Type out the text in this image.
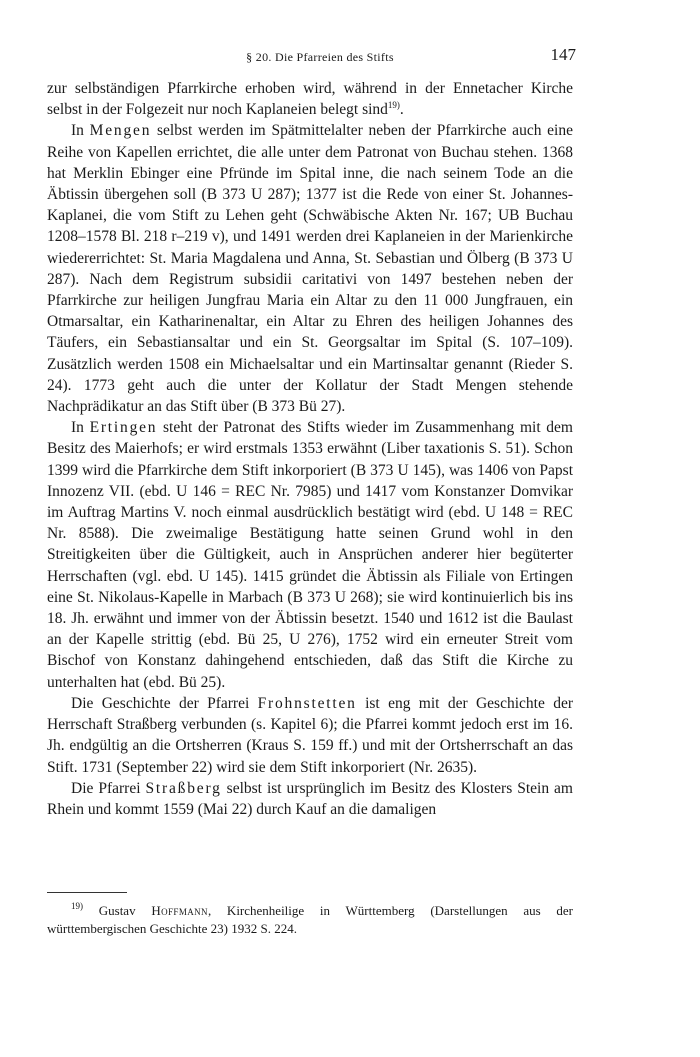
§ 20. Die Pfarreien des Stifts	147

zur selbständigen Pfarrkirche erhoben wird, während in der Ennetacher Kirche selbst in der Folgezeit nur noch Kaplaneien belegt sind$^{19)}$.

In Mengen selbst werden im Spätmittelalter neben der Pfarrkirche auch eine Reihe von Kapellen errichtet, die alle unter dem Patronat von Buchau stehen. 1368 hat Merklin Ebinger eine Pfründe im Spital inne, die nach seinem Tode an die Äbtissin übergehen soll (B 373 U 287); 1377 ist die Rede von einer St. Johannes-Kaplanei, die vom Stift zu Lehen geht (Schwäbische Akten Nr. 167; UB Buchau 1208–1578 Bl. 218 r–219 v), und 1491 werden drei Kaplaneien in der Marienkirche wiedererrichtet: St. Maria Magdalena und Anna, St. Sebastian und Ölberg (B 373 U 287). Nach dem Registrum subsidii caritativi von 1497 bestehen neben der Pfarrkirche zur heiligen Jungfrau Maria ein Altar zu den 11 000 Jungfrauen, ein Otmarsaltar, ein Katharinenaltar, ein Altar zu Ehren des heiligen Johannes des Täufers, ein Sebastiansaltar und ein St. Georgsaltar im Spital (S. 107–109). Zusätzlich werden 1508 ein Michaelsaltar und ein Martinsaltar genannt (Rieder S. 24). 1773 geht auch die unter der Kollatur der Stadt Mengen stehende Nachprädikatur an das Stift über (B 373 Bü 27).

In Ertingen steht der Patronat des Stifts wieder im Zusammenhang mit dem Besitz des Maierhofs; er wird erstmals 1353 erwähnt (Liber taxationis S. 51). Schon 1399 wird die Pfarrkirche dem Stift inkorporiert (B 373 U 145), was 1406 von Papst Innozenz VII. (ebd. U 146 = REC Nr. 7985) und 1417 vom Konstanzer Domvikar im Auftrag Martins V. noch einmal ausdrücklich bestätigt wird (ebd. U 148 = REC Nr. 8588). Die zweimalige Bestätigung hatte seinen Grund wohl in den Streitigkeiten über die Gültigkeit, auch in Ansprüchen anderer hier begüterter Herrschaften (vgl. ebd. U 145). 1415 gründet die Äbtissin als Filiale von Ertingen eine St. Nikolaus-Kapelle in Marbach (B 373 U 268); sie wird kontinuierlich bis ins 18. Jh. erwähnt und immer von der Äbtissin besetzt. 1540 und 1612 ist die Baulast an der Kapelle strittig (ebd. Bü 25, U 276), 1752 wird ein erneuter Streit vom Bischof von Konstanz dahingehend entschieden, daß das Stift die Kirche zu unterhalten hat (ebd. Bü 25).

Die Geschichte der Pfarrei Frohnstetten ist eng mit der Geschichte der Herrschaft Straßberg verbunden (s. Kapitel 6); die Pfarrei kommt jedoch erst im 16. Jh. endgültig an die Ortsherren (Kraus S. 159 ff.) und mit der Ortsherrschaft an das Stift. 1731 (September 22) wird sie dem Stift inkorporiert (Nr. 2635).

Die Pfarrei Straßberg selbst ist ursprünglich im Besitz des Klosters Stein am Rhein und kommt 1559 (Mai 22) durch Kauf an die damaligen

$^{19)}$ Gustav Hoffmann, Kirchenheilige in Württemberg (Darstellungen aus der württembergischen Geschichte 23) 1932 S. 224.
